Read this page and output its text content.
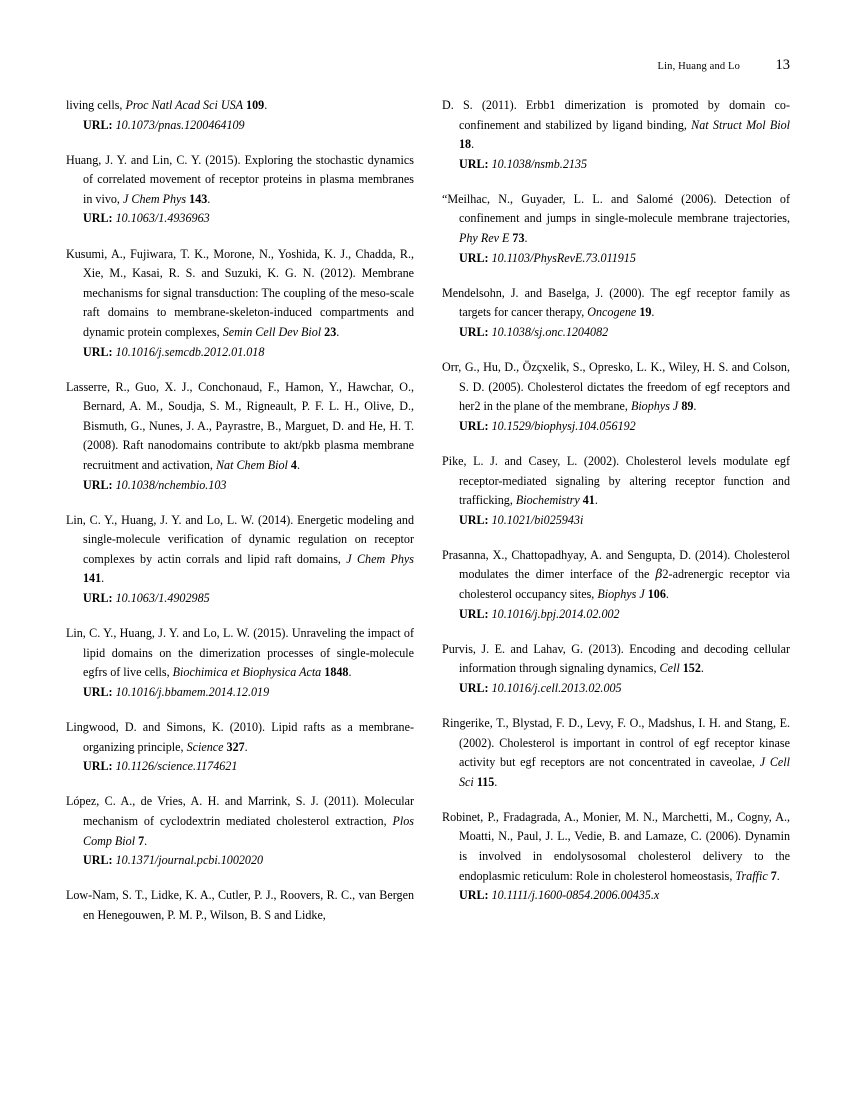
Lin, Huang and Lo	13
living cells, Proc Natl Acad Sci USA 109.
URL: 10.1073/pnas.1200464109
Huang, J. Y. and Lin, C. Y. (2015). Exploring the stochastic dynamics of correlated movement of receptor proteins in plasma membranes in vivo, J Chem Phys 143.
URL: 10.1063/1.4936963
Kusumi, A., Fujiwara, T. K., Morone, N., Yoshida, K. J., Chadda, R., Xie, M., Kasai, R. S. and Suzuki, K. G. N. (2012). Membrane mechanisms for signal transduction: The coupling of the meso-scale raft domains to membrane-skeleton-induced compartments and dynamic protein complexes, Semin Cell Dev Biol 23.
URL: 10.1016/j.semcdb.2012.01.018
Lasserre, R., Guo, X. J., Conchonaud, F., Hamon, Y., Hawchar, O., Bernard, A. M., Soudja, S. M., Rigneault, P. F. L. H., Olive, D., Bismuth, G., Nunes, J. A., Payrastre, B., Marguet, D. and He, H. T. (2008). Raft nanodomains contribute to akt/pkb plasma membrane recruitment and activation, Nat Chem Biol 4.
URL: 10.1038/nchembio.103
Lin, C. Y., Huang, J. Y. and Lo, L. W. (2014). Energetic modeling and single-molecule verification of dynamic regulation on receptor complexes by actin corrals and lipid raft domains, J Chem Phys 141.
URL: 10.1063/1.4902985
Lin, C. Y., Huang, J. Y. and Lo, L. W. (2015). Unraveling the impact of lipid domains on the dimerization processes of single-molecule egfrs of live cells, Biochimica et Biophysica Acta 1848.
URL: 10.1016/j.bbamem.2014.12.019
Lingwood, D. and Simons, K. (2010). Lipid rafts as a membrane-organizing principle, Science 327.
URL: 10.1126/science.1174621
López, C. A., de Vries, A. H. and Marrink, S. J. (2011). Molecular mechanism of cyclodextrin mediated cholesterol extraction, Plos Comp Biol 7.
URL: 10.1371/journal.pcbi.1002020
Low-Nam, S. T., Lidke, K. A., Cutler, P. J., Roovers, R. C., van Bergen en Henegouwen, P. M. P., Wilson, B. S and Lidke,
D. S. (2011). Erbb1 dimerization is promoted by domain co-confinement and stabilized by ligand binding, Nat Struct Mol Biol 18.
URL: 10.1038/nsmb.2135
“Meilhac, N., Guyader, L. L. and Salomé (2006). Detection of confinement and jumps in single-molecule membrane trajectories, Phy Rev E 73.
URL: 10.1103/PhysRevE.73.011915
Mendelsohn, J. and Baselga, J. (2000). The egf receptor family as targets for cancer therapy, Oncogene 19.
URL: 10.1038/sj.onc.1204082
Orr, G., Hu, D., Özçxelik, S., Opresko, L. K., Wiley, H. S. and Colson, S. D. (2005). Cholesterol dictates the freedom of egf receptors and her2 in the plane of the membrane, Biophys J 89.
URL: 10.1529/biophysj.104.056192
Pike, L. J. and Casey, L. (2002). Cholesterol levels modulate egf receptor-mediated signaling by altering receptor function and trafficking, Biochemistry 41.
URL: 10.1021/bi025943i
Prasanna, X., Chattopadhyay, A. and Sengupta, D. (2014). Cholesterol modulates the dimer interface of the β2-adrenergic receptor via cholesterol occupancy sites, Biophys J 106.
URL: 10.1016/j.bpj.2014.02.002
Purvis, J. E. and Lahav, G. (2013). Encoding and decoding cellular information through signaling dynamics, Cell 152.
URL: 10.1016/j.cell.2013.02.005
Ringerike, T., Blystad, F. D., Levy, F. O., Madshus, I. H. and Stang, E. (2002). Cholesterol is important in control of egf receptor kinase activity but egf receptors are not concentrated in caveolae, J Cell Sci 115.
Robinet, P., Fradagrada, A., Monier, M. N., Marchetti, M., Cogny, A., Moatti, N., Paul, J. L., Vedie, B. and Lamaze, C. (2006). Dynamin is involved in endolysosomal cholesterol delivery to the endoplasmic reticulum: Role in cholesterol homeostasis, Traffic 7.
URL: 10.1111/j.1600-0854.2006.00435.x
